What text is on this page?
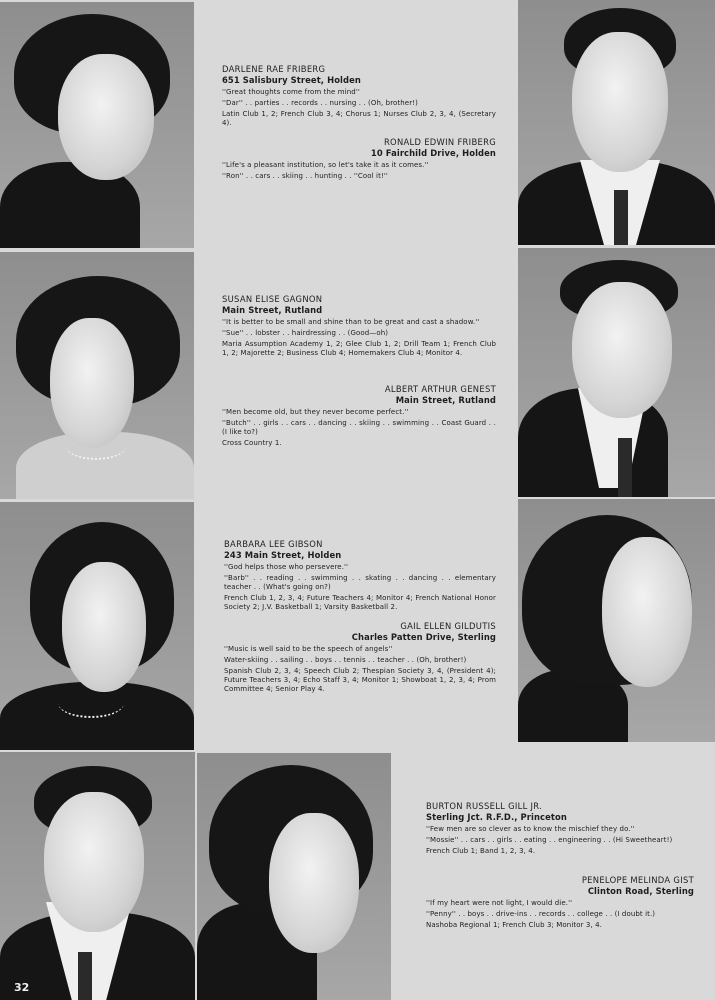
32
DARLENE RAE FRIBERG
651 Salisbury Street, Holden
''Great thoughts come from the mind''
''Dar'' . . parties . . records . . nursing . . (Oh, brother!)
Latin Club 1, 2; French Club 3, 4; Chorus 1; Nurses Club 2, 3, 4, (Secretary 4).
RONALD EDWIN FRIBERG
10 Fairchild Drive, Holden
''Life's a pleasant institution, so let's take it as it comes.''
''Ron'' . . cars . . skiing . . hunting . . ''Cool it!''
SUSAN ELISE GAGNON
Main Street, Rutland
''It is better to be small and shine than to be great and cast a shadow.''
''Sue'' . . lobster . . hairdressing . . (Good—oh)
Maria Assumption Academy 1, 2; Glee Club 1, 2; Drill Team 1; French Club 1, 2; Majorette 2; Business Club 4; Homemakers Club 4; Monitor 4.
ALBERT ARTHUR GENEST
Main Street, Rutland
''Men become old, but they never become perfect.''
''Butch'' . . girls . . cars . . dancing . . skiing . . swimming . . Coast Guard . . (I like to?)
Cross Country 1.
BARBARA LEE GIBSON
243 Main Street, Holden
''God helps those who persevere.''
''Barb'' . . reading . . swimming . . skating . . dancing . . elementary teacher . . (What's going on?)
French Club 1, 2, 3, 4; Future Teachers 4; Monitor 4; French National Honor Society 2; J.V. Basketball 1; Varsity Basketball 2.
GAIL ELLEN GILDUTIS
Charles Patten Drive, Sterling
''Music is well said to be the speech of angels''
Water-skiing . . sailing . . boys . . tennis . . teacher . . (Oh, brother!)
Spanish Club 2, 3, 4; Speech Club 2; Thespian Society 3, 4, (President 4); Future Teachers 3, 4; Echo Staff 3, 4; Monitor 1; Showboat 1, 2, 3, 4; Prom Committee 4; Senior Play 4.
BURTON RUSSELL GILL JR.
Sterling Jct. R.F.D., Princeton
''Few men are so clever as to know the mischief they do.''
''Mossie'' . . cars . . girls . . eating . . engineering . . (Hi Sweetheart!)
French Club 1; Band 1, 2, 3, 4.
PENELOPE MELINDA GIST
Clinton Road, Sterling
''If my heart were not light, I would die.''
''Penny'' . . boys . . drive-ins . . records . . college . . (I doubt it.)
Nashoba Regional 1; French Club 3; Monitor 3, 4.
